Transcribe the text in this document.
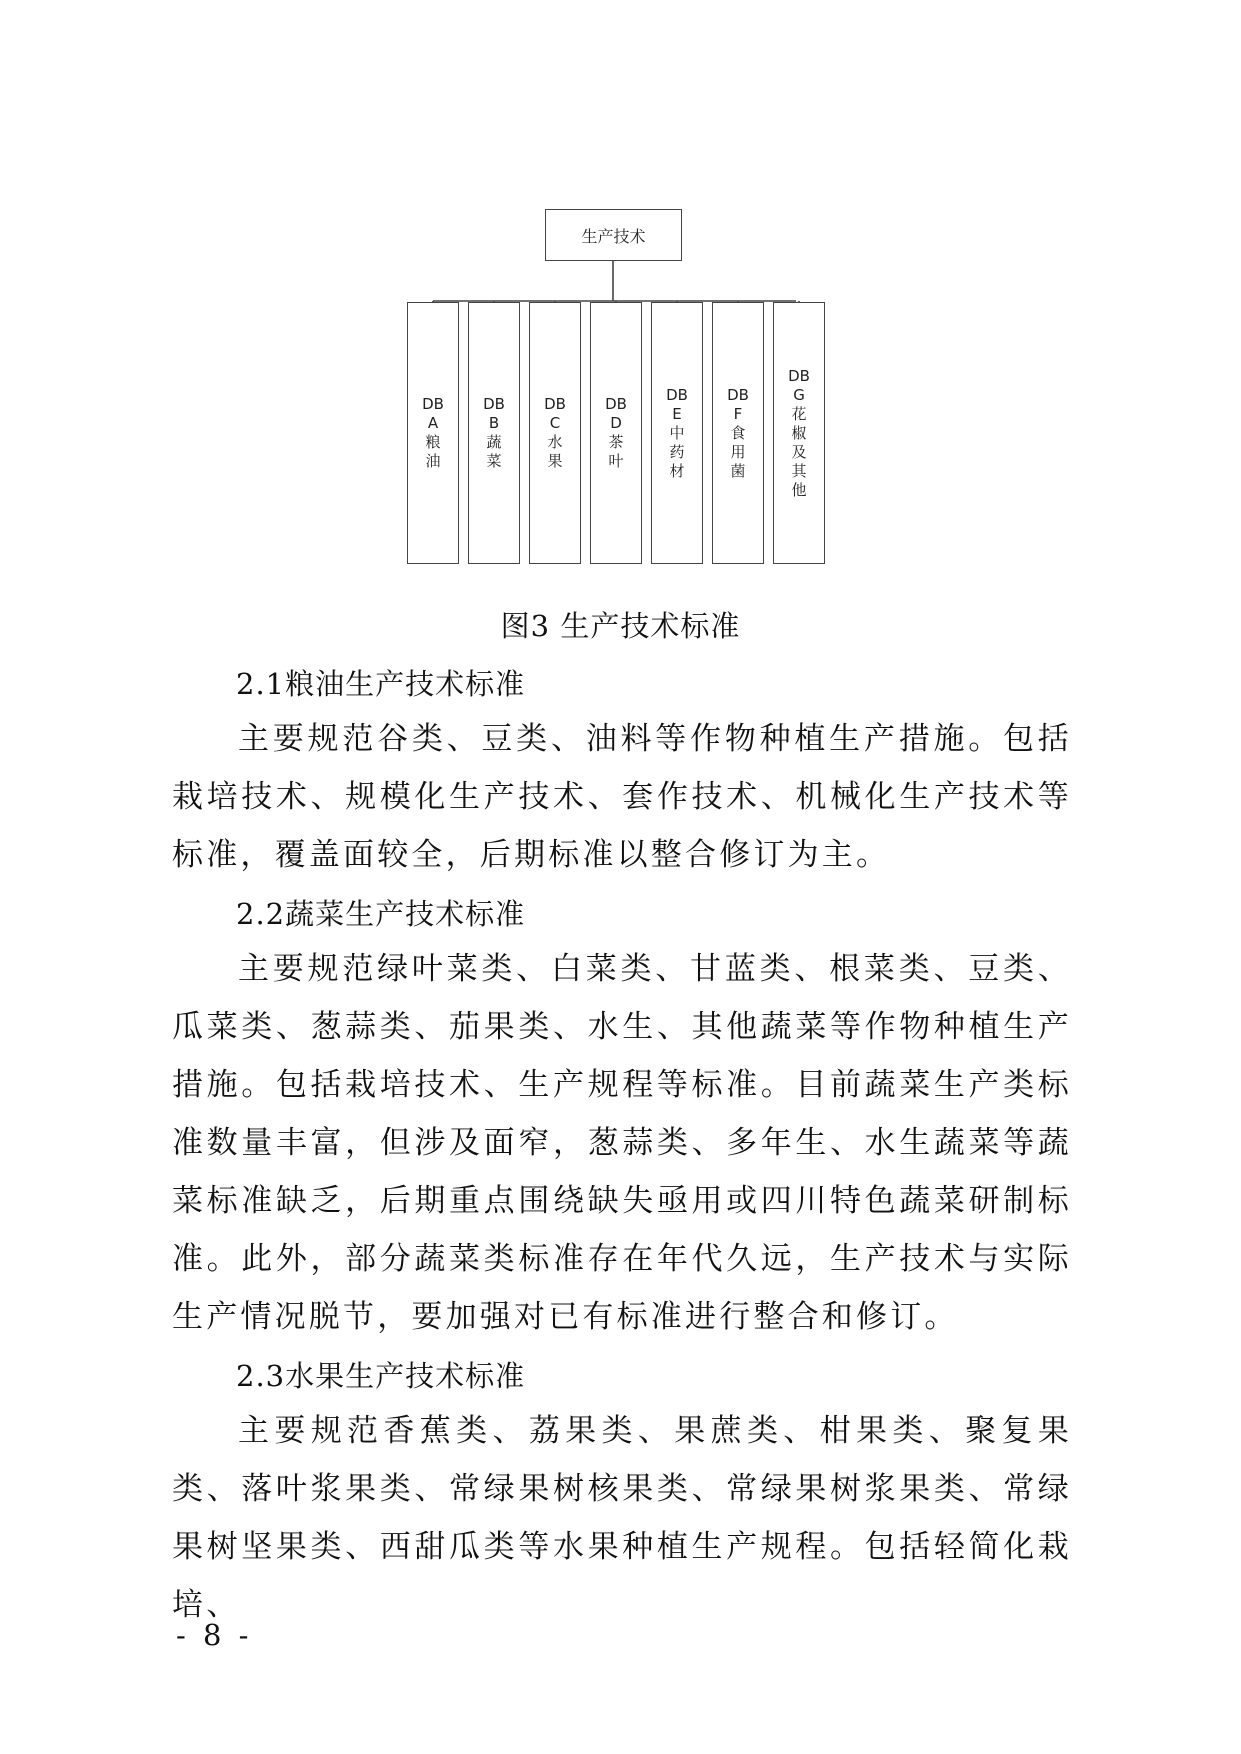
生产技术
DB
A
粮
油
DB
B
蔬
菜
DB
C
水
果
DB
D
茶
叶
DB
E
中
药
材
DB
F
食
用
菌
DB
G
花
椒
及
其
他
图3 生产技术标准
2.1粮油生产技术标准

主要规范谷类、豆类、油料等作物种植生产措施。包括栽培技术、规模化生产技术、套作技术、机械化生产技术等标准，覆盖面较全，后期标准以整合修订为主。

2.2蔬菜生产技术标准

主要规范绿叶菜类、白菜类、甘蓝类、根菜类、豆类、瓜菜类、葱蒜类、茄果类、水生、其他蔬菜等作物种植生产措施。包括栽培技术、生产规程等标准。目前蔬菜生产类标准数量丰富，但涉及面窄，葱蒜类、多年生、水生蔬菜等蔬菜标准缺乏，后期重点围绕缺失亟用或四川特色蔬菜研制标准。此外，部分蔬菜类标准存在年代久远，生产技术与实际生产情况脱节，要加强对已有标准进行整合和修订。

2.3水果生产技术标准

主要规范香蕉类、荔果类、果蔗类、柑果类、聚复果类、落叶浆果类、常绿果树核果类、常绿果树浆果类、常绿果树坚果类、西甜瓜类等水果种植生产规程。包括轻简化栽培、

- 8 -
